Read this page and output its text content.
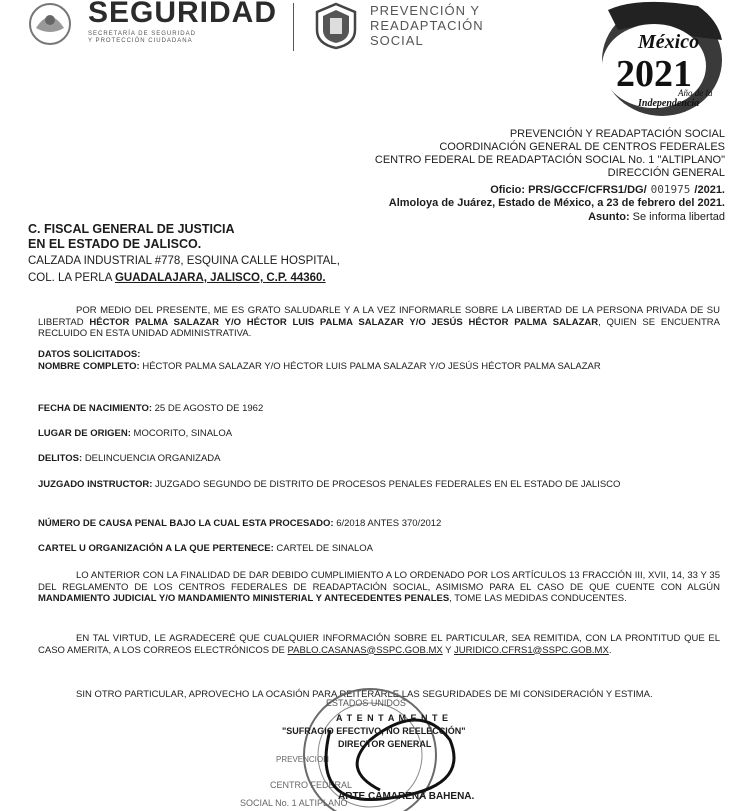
SEGURIDAD
SECRETARÍA DE SEGURIDAD
Y PROTECCIÓN CIUDADANA
PREVENCIÓN Y
READAPTACIÓN
SOCIAL	México
2021
Año de la
Independencia
PREVENCIÓN Y READAPTACIÓN SOCIAL
COORDINACIÓN GENERAL DE CENTROS FEDERALES
CENTRO FEDERAL DE READAPTACIÓN SOCIAL No. 1 "ALTIPLANO"
DIRECCIÓN GENERAL
Oficio: PRS/GCCF/CFRS1/DG/ 001975 /2021.
Almoloya de Juárez, Estado de México, a 23 de febrero del 2021.
Asunto: Se informa libertad
C. FISCAL GENERAL DE JUSTICIA
EN EL ESTADO DE JALISCO.
CALZADA INDUSTRIAL #778, ESQUINA CALLE HOSPITAL,
COL. LA PERLA GUADALAJARA, JALISCO, C.P. 44360.
POR MEDIO DEL PRESENTE, ME ES GRATO SALUDARLE Y A LA VEZ INFORMARLE SOBRE LA LIBERTAD DE LA PERSONA PRIVADA DE SU LIBERTAD HÉCTOR PALMA SALAZAR Y/O HÉCTOR LUIS PALMA SALAZAR Y/O JESÚS HÉCTOR PALMA SALAZAR, QUIEN SE ENCUENTRA RECLUIDO EN ESTA UNIDAD ADMINISTRATIVA.
DATOS SOLICITADOS:
NOMBRE COMPLETO: HÉCTOR PALMA SALAZAR Y/O HÉCTOR LUIS PALMA SALAZAR Y/O JESÚS HÉCTOR PALMA SALAZAR
FECHA DE NACIMIENTO: 25 DE AGOSTO DE 1962
LUGAR DE ORIGEN: MOCORITO, SINALOA
DELITOS: DELINCUENCIA ORGANIZADA
JUZGADO INSTRUCTOR: JUZGADO SEGUNDO DE DISTRITO DE PROCESOS PENALES FEDERALES EN EL ESTADO DE JALISCO
NÚMERO DE CAUSA PENAL BAJO LA CUAL ESTA PROCESADO: 6/2018 ANTES 370/2012
CARTEL U ORGANIZACIÓN A LA QUE PERTENECE: CARTEL DE SINALOA
LO ANTERIOR CON LA FINALIDAD DE DAR DEBIDO CUMPLIMIENTO A LO ORDENADO POR LOS ARTÍCULOS 13 FRACCIÓN III, XVII, 14, 33 Y 35 DEL REGLAMENTO DE LOS CENTROS FEDERALES DE READAPTACIÓN SOCIAL, ASIMISMO PARA EL CASO DE QUE CUENTE CON ALGÚN MANDAMIENTO JUDICIAL Y/O MANDAMIENTO MINISTERIAL Y ANTECEDENTES PENALES, TOME LAS MEDIDAS CONDUCENTES.
EN TAL VIRTUD, LE AGRADECERÉ QUE CUALQUIER INFORMACIÓN SOBRE EL PARTICULAR, SEA REMITIDA, CON LA PRONTITUD QUE EL CASO AMERITA, A LOS CORREOS ELECTRÓNICOS DE PABLO.CASANAS@SSPC.GOB.MX Y JURIDICO.CFRS1@SSPC.GOB.MX.
SIN OTRO PARTICULAR, APROVECHO LA OCASIÓN PARA REITERARLE LAS SEGURIDADES DE MI CONSIDERACIÓN Y ESTIMA.
ESTADOS UNIDOS
PREVENCION
CENTRO FEDERAL
SOCIAL No. 1 ALTIPLANO
A T E N T A M E N T E
"SUFRAGIO EFECTIVO, NO REELECCIÓN"
DIRECTOR GENERAL
ARTE CAMARENA BAHENA.
